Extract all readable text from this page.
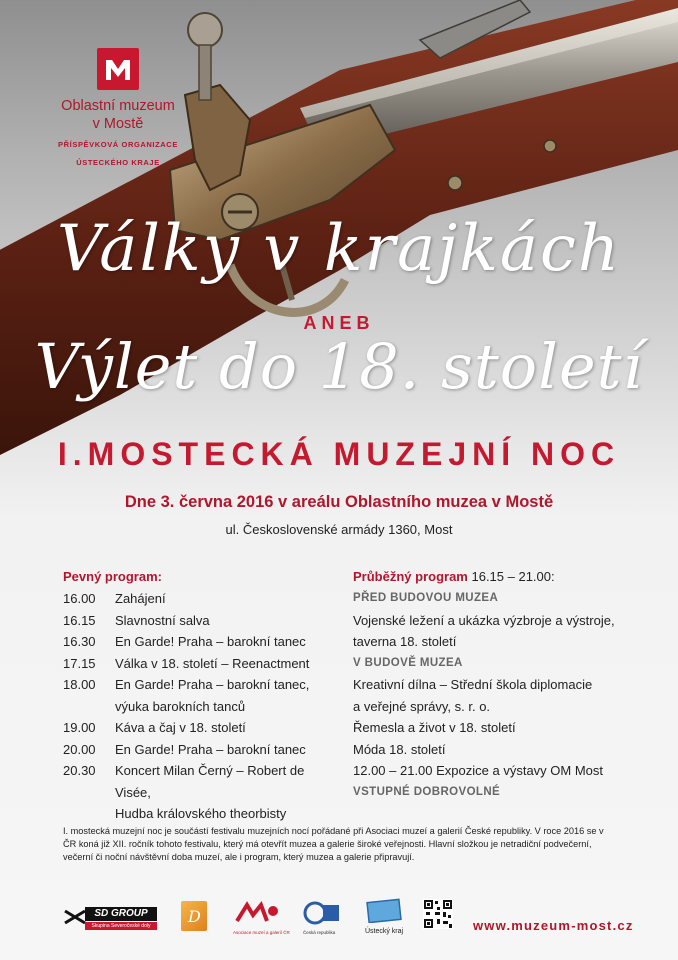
Oblastní muzeum
v Mostě
PŘÍSPĚVKOVÁ ORGANIZACE
ÚSTECKÉHO KRAJE
Války v krajkách
ANEB
Výlet do 18. století
I.MOSTECKÁ MUZEJNÍ NOC
Dne 3. června 2016 v areálu Oblastního muzea v Mostě
ul. Československé armády 1360, Most
Pevný program:
16.00	Zahájení
16.15	Slavnostní salva
16.30	En Garde! Praha – barokní tanec
17.15	Válka v 18. století – Reenactment
18.00	En Garde! Praha – barokní tanec,
výuka barokních tanců
19.00	Káva a čaj v 18. století
20.00	En Garde! Praha – barokní tanec
20.30	Koncert Milan Černý – Robert de Visée,
Hudba královského theorbisty
Průběžný program 16.15 – 21.00:
PŘED BUDOVOU MUZEA
Vojenské ležení a ukázka výzbroje a výstroje,
taverna 18. století
V BUDOVĚ MUZEA
Kreativní dílna – Střední škola diplomacie
a veřejné správy, s. r. o.
Řemesla a život v 18. století
Móda 18. století
12.00 – 21.00 Expozice a výstavy OM Most
VSTUPNÉ DOBROVOLNÉ
I. mostecká muzejní noc je součástí festivalu muzejních nocí pořádané při Asociaci muzeí a galerií České republiky. V roce 2016 se v ČR koná již XII. ročník tohoto festivalu, který má otevřít muzea a galerie široké veřejnosti. Hlavní složkou je netradiční podvečerní, večerní či noční návštěvní doba muzeí, ale i program, který muzea a galerie připravují.
SD GROUP
Skupina Severočeské doly	D
Asociace muzeí a galerií ČR	Česká republika	Ústecký kraj	www.muzeum-most.cz
